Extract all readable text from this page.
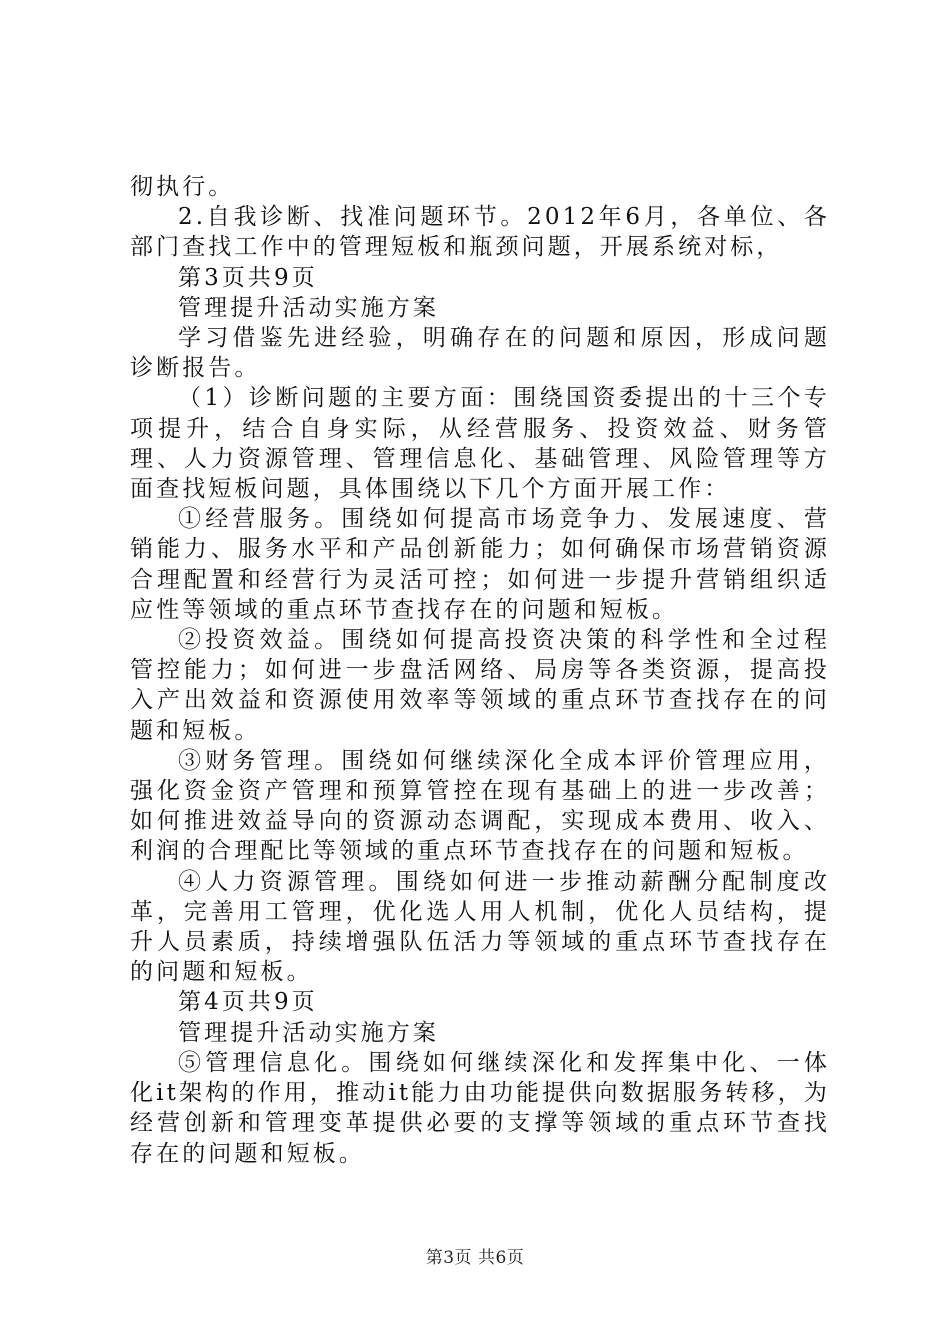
彻执行。

2.自我诊断、找准问题环节。2012年6月，各单位、各部门查找工作中的管理短板和瓶颈问题，开展系统对标，

第3页共9页

管理提升活动实施方案

学习借鉴先进经验，明确存在的问题和原因，形成问题诊断报告。

（1）诊断问题的主要方面：围绕国资委提出的十三个专项提升，结合自身实际，从经营服务、投资效益、财务管理、人力资源管理、管理信息化、基础管理、风险管理等方面查找短板问题，具体围绕以下几个方面开展工作：

①经营服务。围绕如何提高市场竞争力、发展速度、营销能力、服务水平和产品创新能力；如何确保市场营销资源合理配置和经营行为灵活可控；如何进一步提升营销组织适应性等领域的重点环节查找存在的问题和短板。

②投资效益。围绕如何提高投资决策的科学性和全过程管控能力；如何进一步盘活网络、局房等各类资源，提高投入产出效益和资源使用效率等领域的重点环节查找存在的问题和短板。

③财务管理。围绕如何继续深化全成本评价管理应用，强化资金资产管理和预算管控在现有基础上的进一步改善；如何推进效益导向的资源动态调配，实现成本费用、收入、利润的合理配比等领域的重点环节查找存在的问题和短板。

④人力资源管理。围绕如何进一步推动薪酬分配制度改革，完善用工管理，优化选人用人机制，优化人员结构，提升人员素质，持续增强队伍活力等领域的重点环节查找存在的问题和短板。

第4页共9页

管理提升活动实施方案

⑤管理信息化。围绕如何继续深化和发挥集中化、一体化it架构的作用，推动it能力由功能提供向数据服务转移，为经营创新和管理变革提供必要的支撑等领域的重点环节查找存在的问题和短板。

第3页 共6页
